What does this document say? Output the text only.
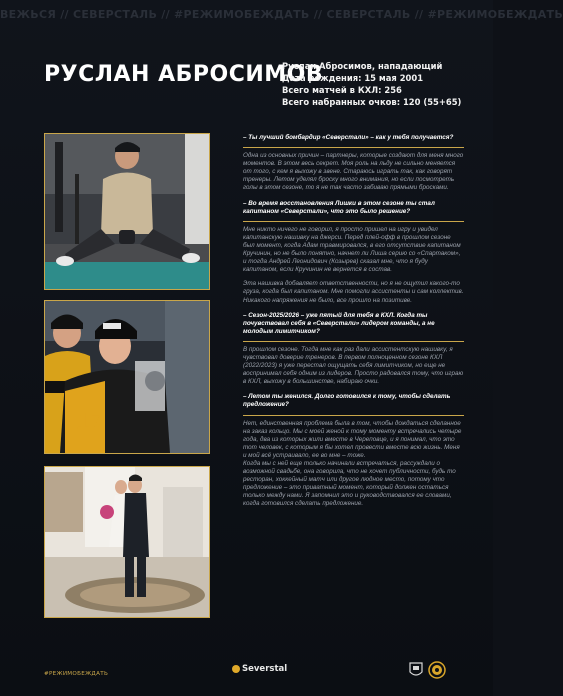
ВЕЖЬСЯ // СЕВЕРСТАЛЬ // #РЕЖИМОБЕЖДАТЬ // СЕВЕРСТАЛЬ // #РЕЖИМОБЕЖДАТЬ
РУСЛАН АБРОСИМОВ
Руслан Абросимов, нападающий
Дата рождения: 15 мая 2001
Всего матчей в КХЛ: 256
Всего набранных очков: 120 (55+65)
17
– Ты лучший бомбардир «Северстали» – как у тебя получается?

Одна из основных причин – партнеры, которые создают для меня много моментов. В этом весь секрет. Моя роль на льду не сильно меняется от того, с кем я выхожу в звене. Стараюсь играть так, как говорят тренеры. Летом уделял броску много внимания, но если посмотреть голы в этом сезоне, то я не так часто забиваю прямыми бросками.

– Во время восстановления Лишки в этом сезоне ты стал капитаном «Северстали», что это было решение?

Мне никто ничего не говорил, я просто пришел на игру и увидел капитанскую нашивку на джерси. Перед плей-офф в прошлом сезоне был момент, когда Адам травмировался, в его отсутствие капитаном Кручинин, но не было понятно, начнет ли Лиша серию со «Спартаком», и тогда Андрей Леонидович (Козырев) сказал мне, что я буду капитаном, если Кручинин не вернется в состав.

Эта нашивка добавляет ответственности, но я не ощутил какого-то груза, когда был капитаном. Мне помогли ассистенты и сам коллектив. Никакого напряжения не было, все прошло на позитиве.

– Сезон-2025/2026 – уже пятый для тебя в КХЛ. Когда ты почувствовал себя в «Северстали» лидером команды, а не молодым лимитчиком?

В прошлом сезоне. Тогда мне как раз дали ассистентскую нашивку, я чувствовал доверие тренеров. В первом полноценном сезоне КХЛ (2022/2023) я уже перестал ощущать себя лимитчиком, но еще не воспринимал себя одним из лидеров. Просто радовался тому, что играю в КХЛ, выхожу в большинстве, набираю очки.

– Летом ты женился. Долго готовился к тому, чтобы сделать предложение?

Нет, единственная проблема была в том, чтобы дождаться сделанное на заказ кольцо. Мы с моей женой к тому моменту встречались четыре года, два из которых жили вместе в Череповце, и я понимал, что это тот человек, с которым я бы хотел провести вместе всю жизнь. Меня и мой всё устраивало, ее во мне – тоже.

Когда мы с ней еще только начинали встречаться, рассуждали о возможной свадьбе, она говорила, что не хочет публичности, будь то ресторан, хоккейный матч или другое людное место, потому что предложение – это приватный момент, который должен остаться только между нами. Я запомнил это и руководствовался ее словами, когда готовился сделать предложение.

#РЕЖИМОБЕЖДАТЬ	Severstal
